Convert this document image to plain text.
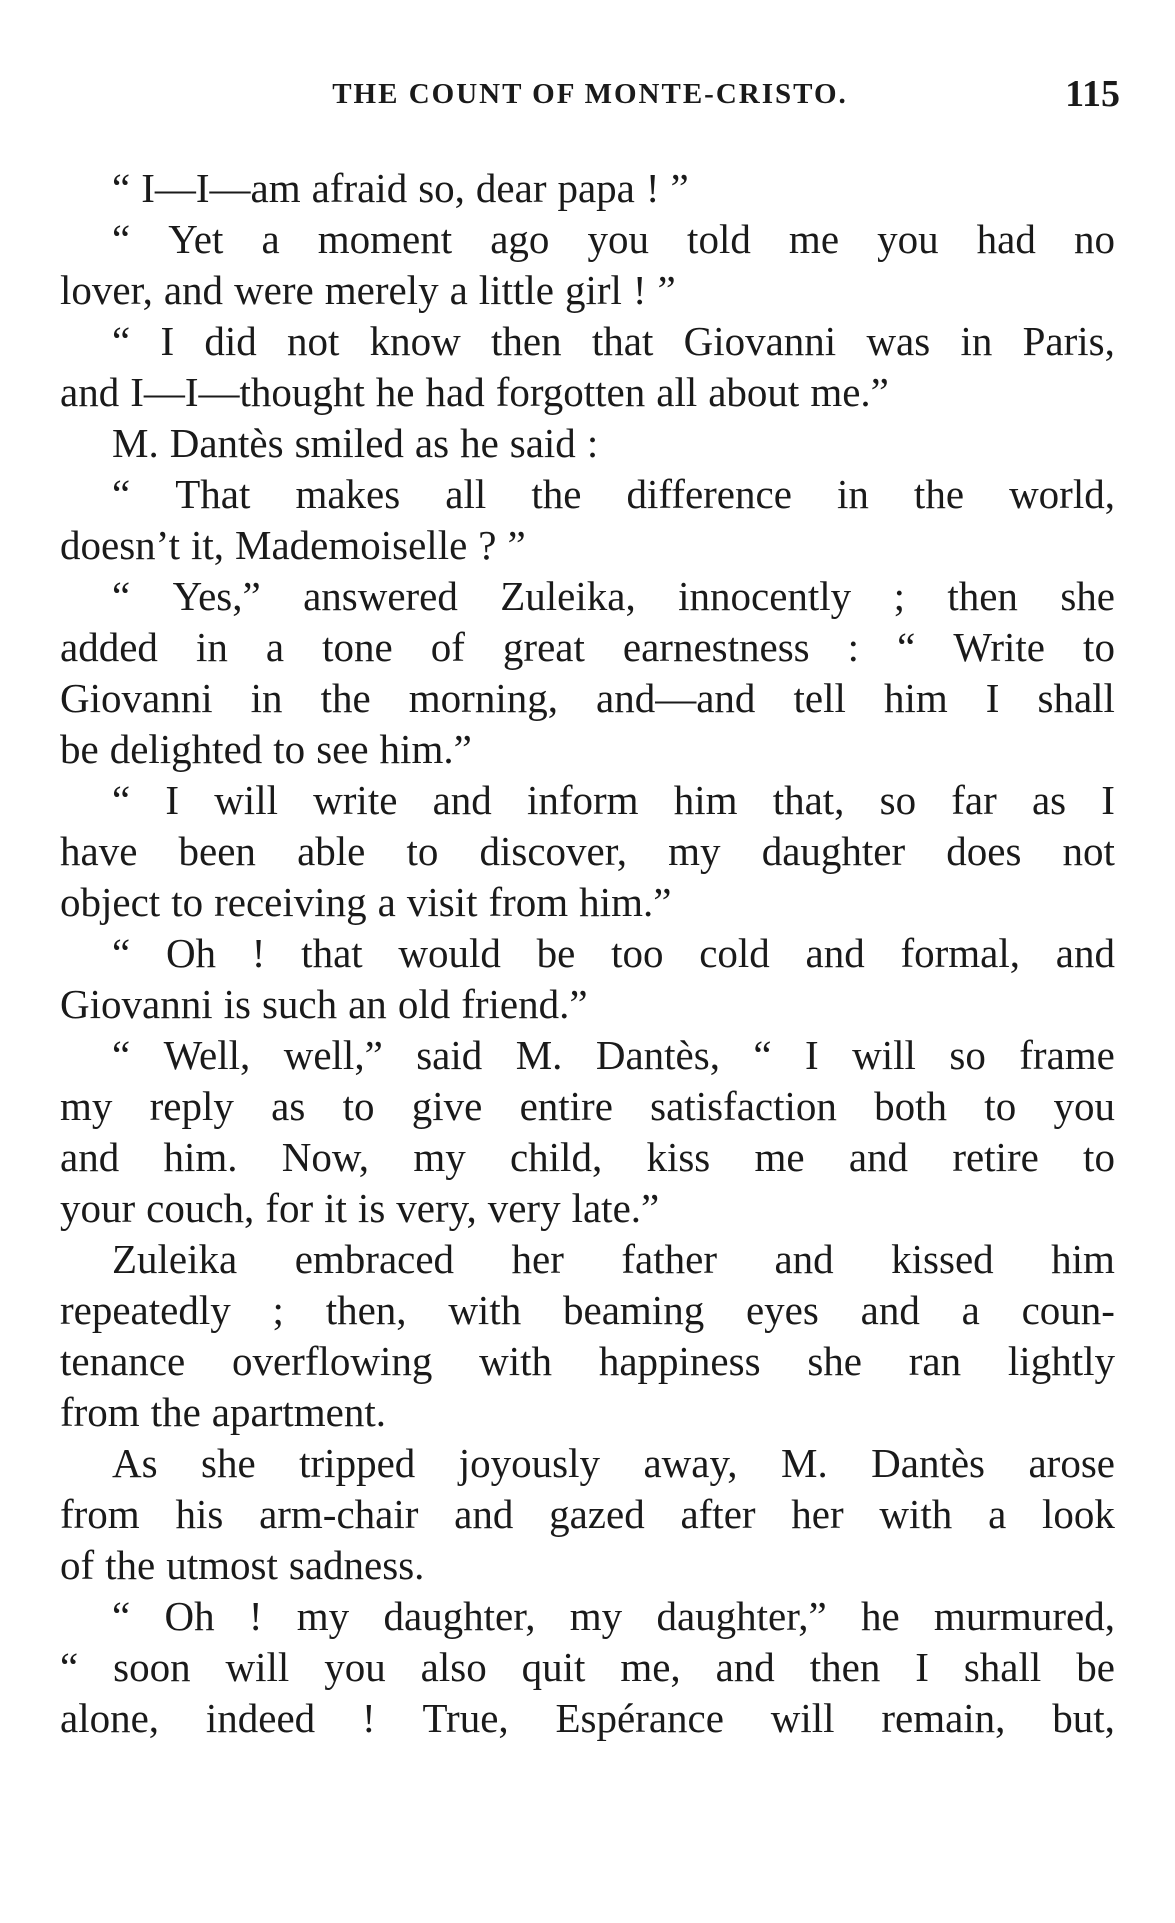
THE COUNT OF MONTE-CRISTO.	115
“ I—I—am afraid so, dear papa ! ”
“ Yet a moment ago you told me you had no
lover, and were merely a little girl ! ”
“ I did not know then that Giovanni was in Paris,
and I—I—thought he had forgotten all about me.”
M. Dantès smiled as he said :
“ That makes all the difference in the world,
doesn’t it, Mademoiselle ? ”
“ Yes,” answered Zuleika, innocently ; then she
added in a tone of great earnestness : “ Write to
Giovanni in the morning, and—and tell him I shall
be delighted to see him.”
“ I will write and inform him that, so far as I
have been able to discover, my daughter does not
object to receiving a visit from him.”
“ Oh ! that would be too cold and formal, and
Giovanni is such an old friend.”
“ Well, well,” said M. Dantès, “ I will so frame
my reply as to give entire satisfaction both to you
and him. Now, my child, kiss me and retire to
your couch, for it is very, very late.”
Zuleika embraced her father and kissed him
repeatedly ; then, with beaming eyes and a coun-
tenance overflowing with happiness she ran lightly
from the apartment.
As she tripped joyously away, M. Dantès arose
from his arm-chair and gazed after her with a look
of the utmost sadness.
“ Oh ! my daughter, my daughter,” he murmured,
“ soon will you also quit me, and then I shall be
alone, indeed ! True, Espérance will remain, but,
